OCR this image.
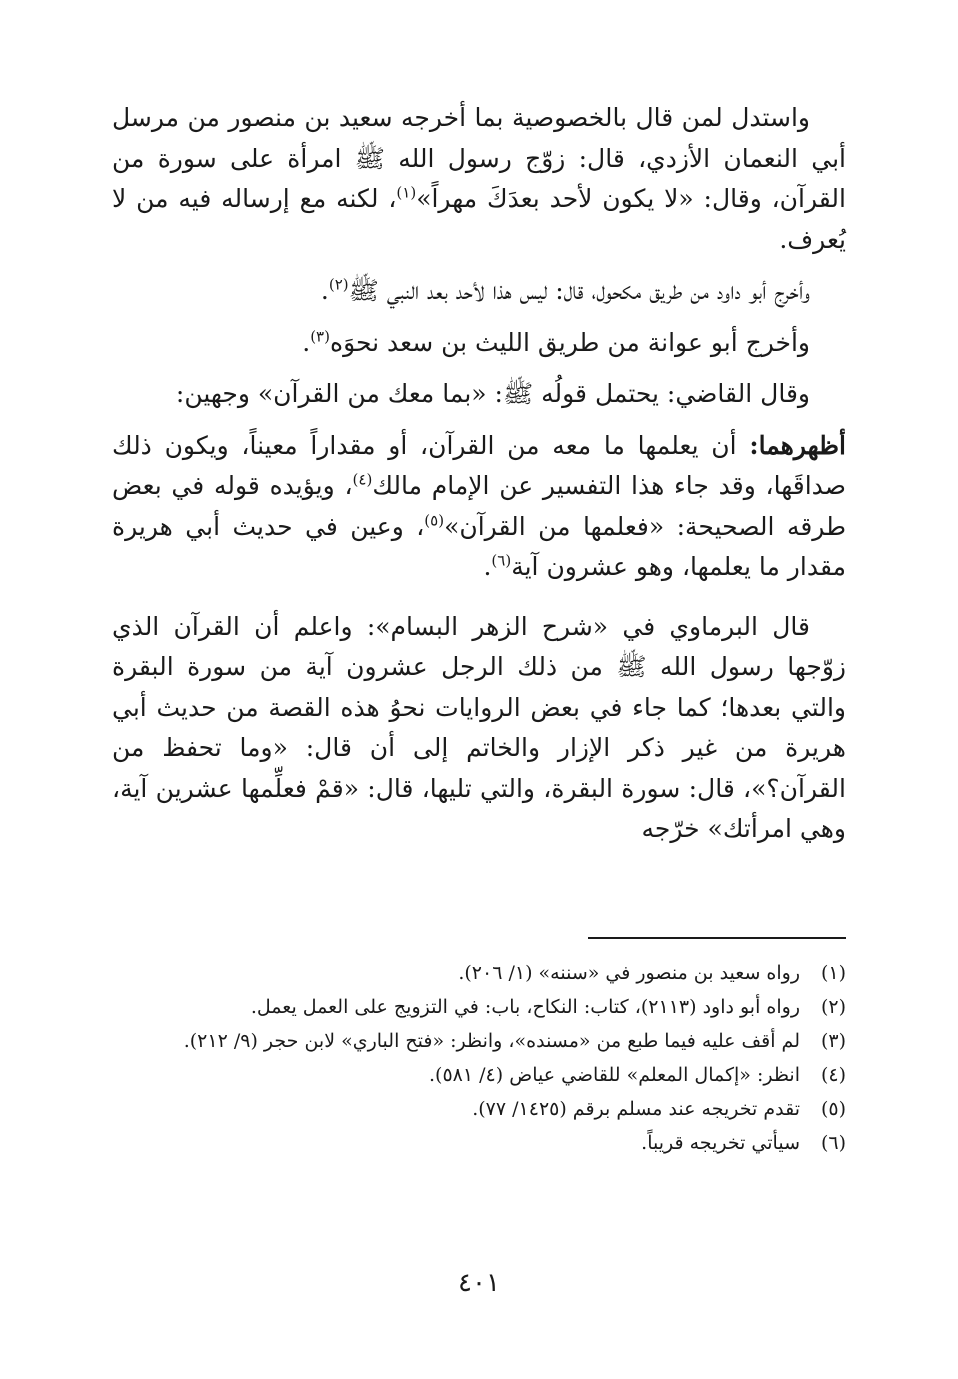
واستدل لمن قال بالخصوصية بما أخرجه سعيد بن منصور من مرسل أبي النعمان الأزدي، قال: زوّج رسول الله ﷺ امرأة على سورة من القرآن، وقال: «لا يكون لأحد بعدَكَ مهراً»$^{(١)}$، لكنه مع إرساله فيه من لا يُعرف.

وأخرج أبو داود من طريق مكحول، قال: ليس هذا لأحد بعد النبي ﷺ$^{(٢)}$.

وأخرج أبو عوانة من طريق الليث بن سعد نحوَه$^{(٣)}$.

وقال القاضي: يحتمل قولُه ﷺ: «بما معك من القرآن» وجهين:

أظهرهما: أن يعلمها ما معه من القرآن، أو مقداراً معيناً، ويكون ذلك صداقَها، وقد جاء هذا التفسير عن الإمام مالك$^{(٤)}$، ويؤيده قوله في بعض طرقه الصحيحة: «فعلمها من القرآن»$^{(٥)}$، وعين في حديث أبي هريرة مقدار ما يعلمها، وهو عشرون آية$^{(٦)}$.

قال البرماوي في «شرح الزهر البسام»: واعلم أن القرآن الذي زوّجها رسول الله ﷺ من ذلك الرجل عشرون آية من سورة البقرة والتي بعدها؛ كما جاء في بعض الروايات نحوُ هذه القصة من حديث أبي هريرة من غير ذكر الإزار والخاتم إلى أن قال: «وما تحفظ من القرآن؟»، قال: سورة البقرة، والتي تليها، قال: «قمْ فعلِّمها عشرين آية، وهي امرأتك» خرّجه

(١)
رواه سعيد بن منصور في «سننه» (١/ ٢٠٦).
(٢)
رواه أبو داود (٢١١٣)، كتاب: النكاح، باب: في التزويج على العمل يعمل.
(٣)
لم أقف عليه فيما طبع من «مسنده»، وانظر: «فتح الباري» لابن حجر (٩/ ٢١٢).
(٤)
انظر: «إكمال المعلم» للقاضي عياض (٤/ ٥٨١).
(٥)
تقدم تخريجه عند مسلم برقم (١٤٢٥/ ٧٧).
(٦)
سيأتي تخريجه قريباً.
٤٠١
